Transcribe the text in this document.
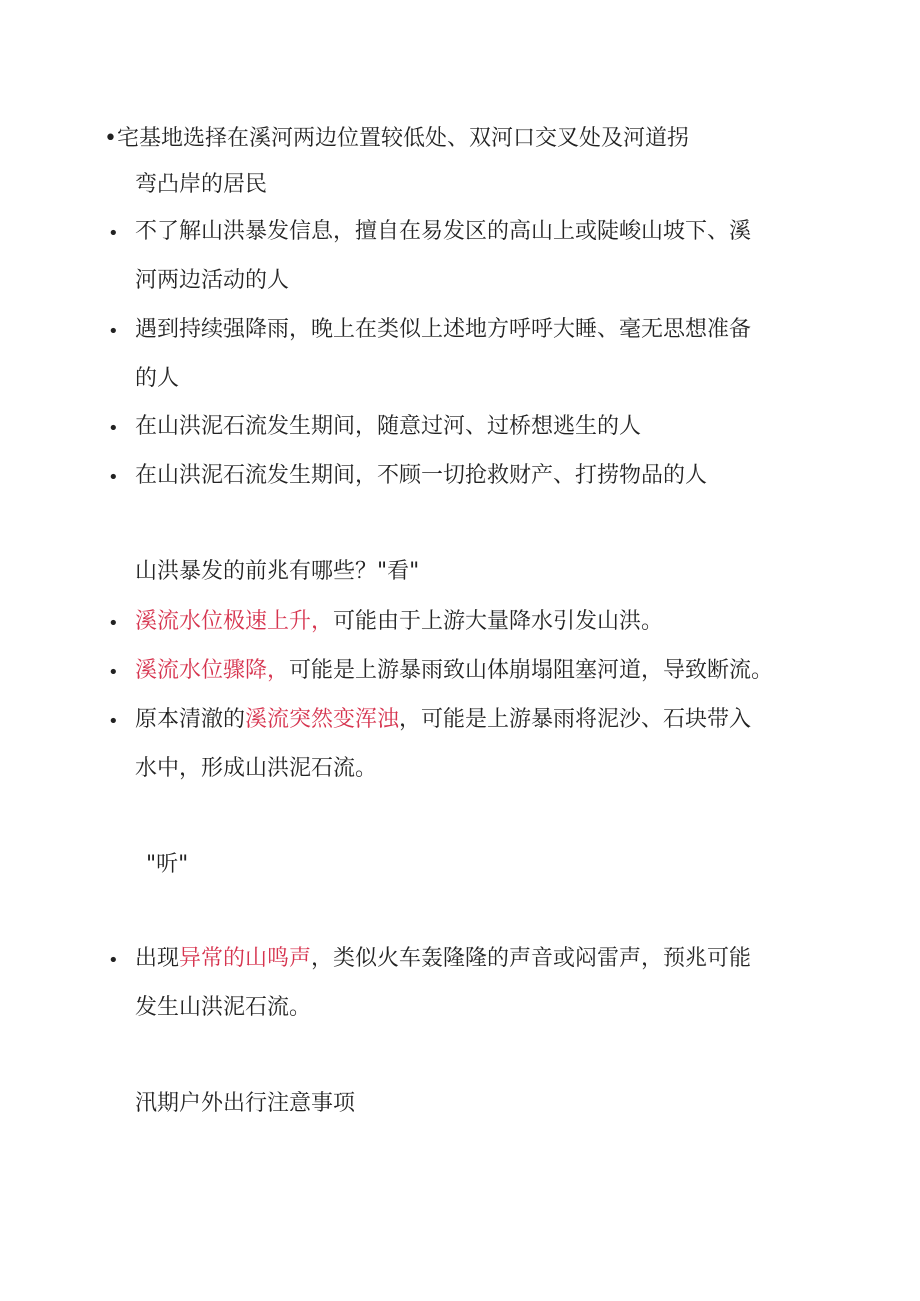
•宅基地选择在溪河两边位置较低处、双河口交叉处及河道拐
弯凸岸的居民
• 不了解山洪暴发信息，擅自在易发区的高山上或陡峻山坡下、溪
河两边活动的人
• 遇到持续强降雨，晚上在类似上述地方呼呼大睡、毫无思想准备
的人
• 在山洪泥石流发生期间，随意过河、过桥想逃生的人
• 在山洪泥石流发生期间，不顾一切抢救财产、打捞物品的人
山洪暴发的前兆有哪些？"看"
• 溪流水位极速上升，可能由于上游大量降水引发山洪。
• 溪流水位骤降，可能是上游暴雨致山体崩塌阻塞河道，导致断流。
• 原本清澈的溪流突然变浑浊，可能是上游暴雨将泥沙、石块带入
水中，形成山洪泥石流。
"听"
• 出现异常的山鸣声，类似火车轰隆隆的声音或闷雷声，预兆可能
发生山洪泥石流。
汛期户外出行注意事项
